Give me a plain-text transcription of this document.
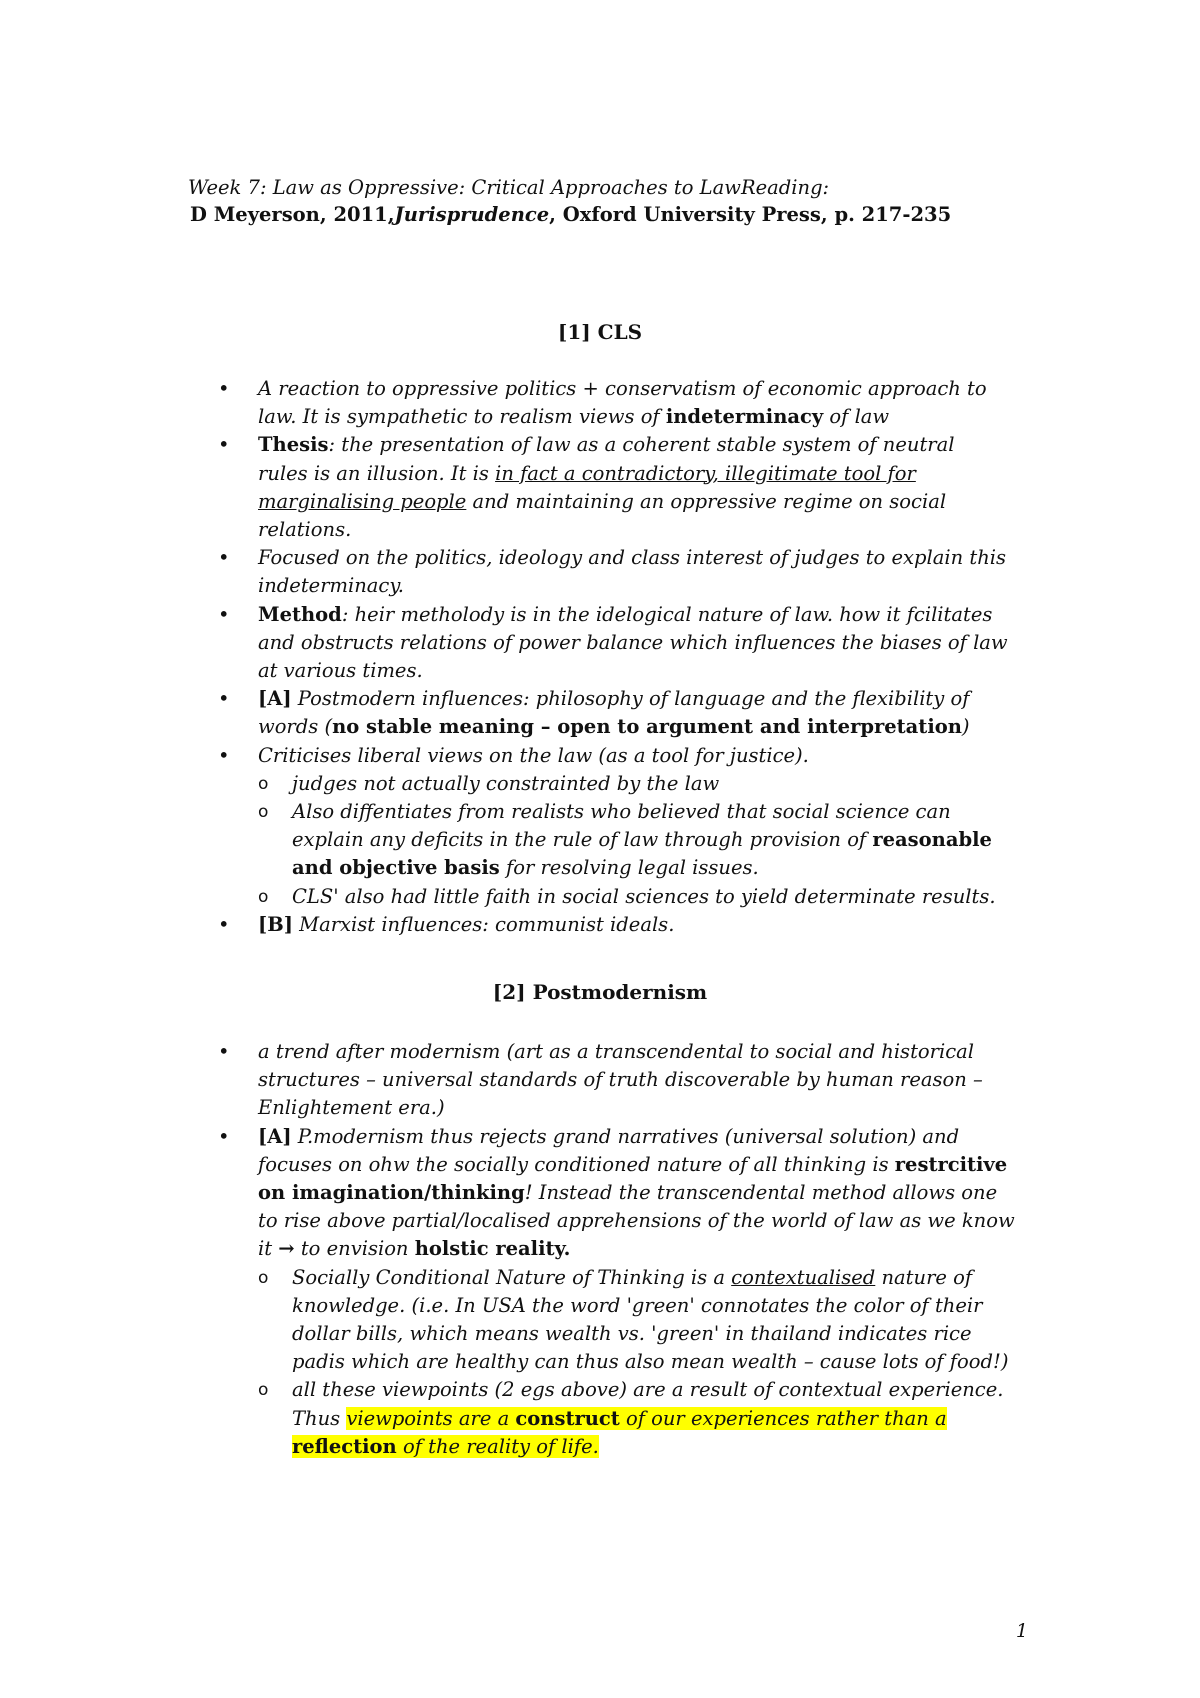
Week 7: Law as Oppressive: Critical Approaches to LawReading:
D Meyerson, 2011,Jurisprudence, Oxford University Press, p. 217-235
[1] CLS
• A reaction to oppressive politics + conservatism of economic approach to law. It is sympathetic to realism views of indeterminacy of law
• Thesis: the presentation of law as a coherent stable system of neutral rules is an illusion. It is in fact a contradictory, illegitimate tool for marginalising people and maintaining an oppressive regime on social relations.
• Focused on the politics, ideology and class interest of judges to explain this indeterminacy.
• Method: heir metholody is in the idelogical nature of law. how it fcilitates and obstructs relations of power balance which influences the biases of law at various times.
• [A] Postmodern influences: philosophy of language and the flexibility of words (no stable meaning – open to argument and interpretation)
• Criticises liberal views on the law (as a tool for justice).
o judges not actually constrainted by the law
o Also diffentiates from realists who believed that social science can explain any deficits in the rule of law through provision of reasonable and objective basis for resolving legal issues.
o CLS' also had little faith in social sciences to yield determinate results.
• [B] Marxist influences: communist ideals.
[2] Postmodernism
• a trend after modernism (art as a transcendental to social and historical structures – universal standards of truth discoverable by human reason – Enlightement era.)
• [A] P.modernism thus rejects grand narratives (universal solution) and focuses on ohw the socially conditioned nature of all thinking is restrcitive on imagination/thinking! Instead the transcendental method allows one to rise above partial/localised apprehensions of the world of law as we know it → to envision holstic reality.
o Socially Conditional Nature of Thinking is a contextualised nature of knowledge. (i.e. In USA the word 'green' connotates the color of their dollar bills, which means wealth vs. 'green' in thailand indicates rice padis which are healthy can thus also mean wealth – cause lots of food!)
o all these viewpoints (2 egs above) are a result of contextual experience. Thus viewpoints are a construct of our experiences rather than a reflection of the reality of life.
1
